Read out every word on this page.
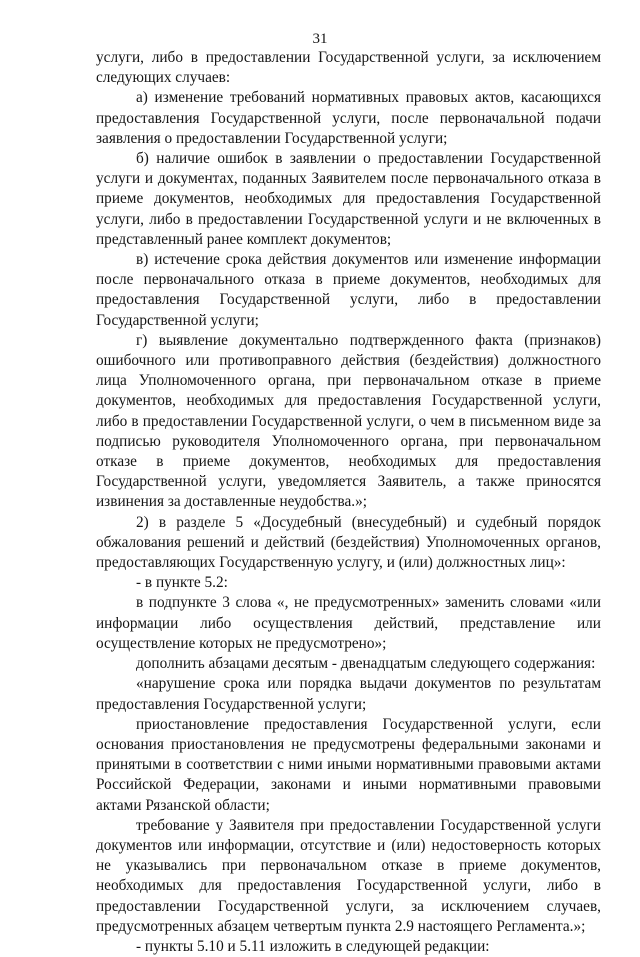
31

услуги, либо в предоставлении Государственной услуги, за исключением следующих случаев:

а) изменение требований нормативных правовых актов, касающихся предоставления Государственной услуги, после первоначальной подачи заявления о предоставлении Государственной услуги;

б) наличие ошибок в заявлении о предоставлении Государственной услуги и документах, поданных Заявителем после первоначального отказа в приеме документов, необходимых для предоставления Государственной услуги, либо в предоставлении Государственной услуги и не включенных в представленный ранее комплект документов;

в) истечение срока действия документов или изменение информации после первоначального отказа в приеме документов, необходимых для предоставления Государственной услуги, либо в предоставлении Государственной услуги;

г) выявление документально подтвержденного факта (признаков) ошибочного или противоправного действия (бездействия) должностного лица Уполномоченного органа, при первоначальном отказе в приеме документов, необходимых для предоставления Государственной услуги, либо в предоставлении Государственной услуги, о чем в письменном виде за подписью руководителя Уполномоченного органа, при первоначальном отказе в приеме документов, необходимых для предоставления Государственной услуги, уведомляется Заявитель, а также приносятся извинения за доставленные неудобства.»;

2) в разделе 5 «Досудебный (внесудебный) и судебный порядок обжалования решений и действий (бездействия) Уполномоченных органов, предоставляющих Государственную услугу, и (или) должностных лиц»:

- в пункте 5.2:

в подпункте 3 слова «, не предусмотренных» заменить словами «или информации либо осуществления действий, представление или осуществление которых не предусмотрено»;

дополнить абзацами десятым - двенадцатым следующего содержания:

«нарушение срока или порядка выдачи документов по результатам предоставления Государственной услуги;

приостановление предоставления Государственной услуги, если основания приостановления не предусмотрены федеральными законами и принятыми в соответствии с ними иными нормативными правовыми актами Российской Федерации, законами и иными нормативными правовыми актами Рязанской области;

требование у Заявителя при предоставлении Государственной услуги документов или информации, отсутствие и (или) недостоверность которых не указывались при первоначальном отказе в приеме документов, необходимых для предоставления Государственной услуги, либо в предоставлении Государственной услуги, за исключением случаев, предусмотренных абзацем четвертым пункта 2.9 настоящего Регламента.»;

- пункты 5.10 и 5.11 изложить в следующей редакции:
